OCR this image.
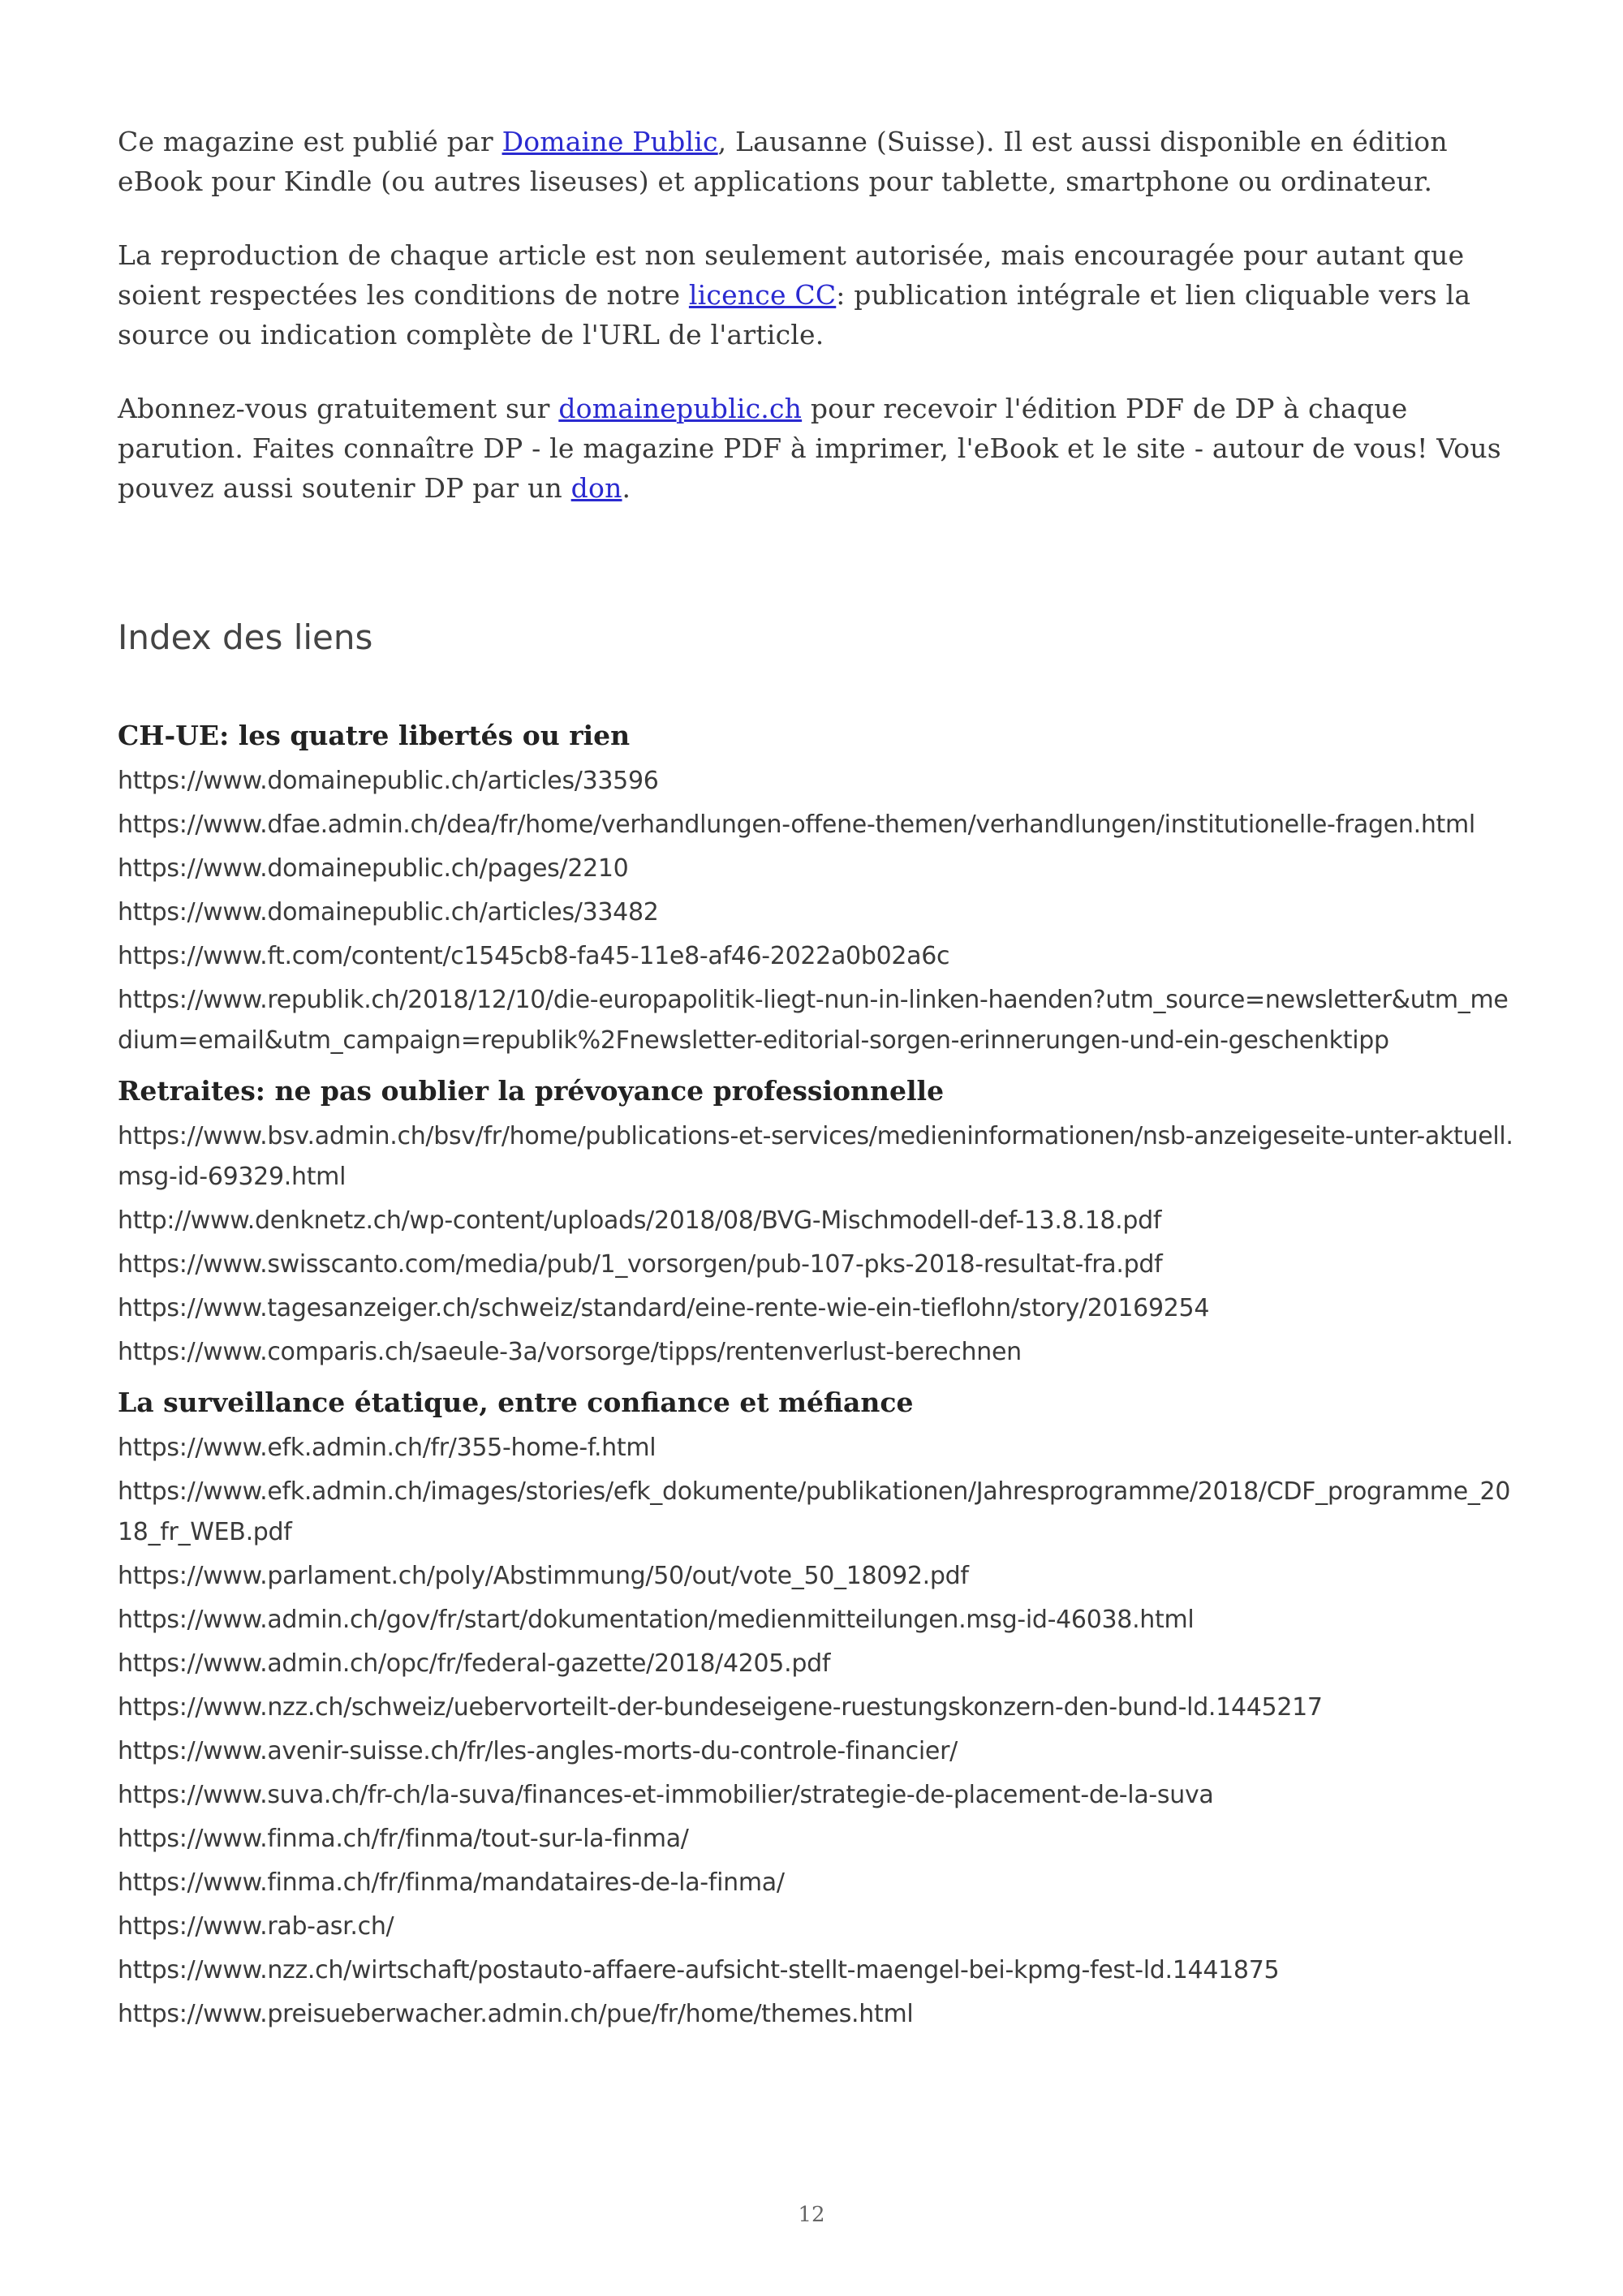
Ce magazine est publié par Domaine Public, Lausanne (Suisse). Il est aussi disponible en édition eBook pour Kindle (ou autres liseuses) et applications pour tablette, smartphone ou ordinateur.

La reproduction de chaque article est non seulement autorisée, mais encouragée pour autant que soient respectées les conditions de notre licence CC: publication intégrale et lien cliquable vers la source ou indication complète de l'URL de l'article.

Abonnez-vous gratuitement sur domainepublic.ch pour recevoir l'édition PDF de DP à chaque parution. Faites connaître DP - le magazine PDF à imprimer, l'eBook et le site - autour de vous! Vous pouvez aussi soutenir DP par un don.

Index des liens
CH-UE: les quatre libertés ou rien
https://www.domainepublic.ch/articles/33596
https://www.dfae.admin.ch/dea/fr/home/verhandlungen-offene-themen/verhandlungen/institutionelle-fragen.html
https://www.domainepublic.ch/pages/2210
https://www.domainepublic.ch/articles/33482
https://www.ft.com/content/c1545cb8-fa45-11e8-af46-2022a0b02a6c
https://www.republik.ch/2018/12/10/die-europapolitik-liegt-nun-in-linken-haenden?utm_source=newsletter&utm_medium=email&utm_campaign=republik%2Fnewsletter-editorial-sorgen-erinnerungen-und-ein-geschenktipp
Retraites: ne pas oublier la prévoyance professionnelle
https://www.bsv.admin.ch/bsv/fr/home/publications-et-services/medieninformationen/nsb-anzeigeseite-unter-aktuell.msg-id-69329.html
http://www.denknetz.ch/wp-content/uploads/2018/08/BVG-Mischmodell-def-13.8.18.pdf
https://www.swisscanto.com/media/pub/1_vorsorgen/pub-107-pks-2018-resultat-fra.pdf
https://www.tagesanzeiger.ch/schweiz/standard/eine-rente-wie-ein-tieflohn/story/20169254
https://www.comparis.ch/saeule-3a/vorsorge/tipps/rentenverlust-berechnen
La surveillance étatique, entre confiance et méfiance
https://www.efk.admin.ch/fr/355-home-f.html
https://www.efk.admin.ch/images/stories/efk_dokumente/publikationen/Jahresprogramme/2018/CDF_programme_2018_fr_WEB.pdf
https://www.parlament.ch/poly/Abstimmung/50/out/vote_50_18092.pdf
https://www.admin.ch/gov/fr/start/dokumentation/medienmitteilungen.msg-id-46038.html
https://www.admin.ch/opc/fr/federal-gazette/2018/4205.pdf
https://www.nzz.ch/schweiz/uebervorteilt-der-bundeseigene-ruestungskonzern-den-bund-ld.1445217
https://www.avenir-suisse.ch/fr/les-angles-morts-du-controle-financier/
https://www.suva.ch/fr-ch/la-suva/finances-et-immobilier/strategie-de-placement-de-la-suva
https://www.finma.ch/fr/finma/tout-sur-la-finma/
https://www.finma.ch/fr/finma/mandataires-de-la-finma/
https://www.rab-asr.ch/
https://www.nzz.ch/wirtschaft/postauto-affaere-aufsicht-stellt-maengel-bei-kpmg-fest-ld.1441875
https://www.preisueberwacher.admin.ch/pue/fr/home/themes.html
12
